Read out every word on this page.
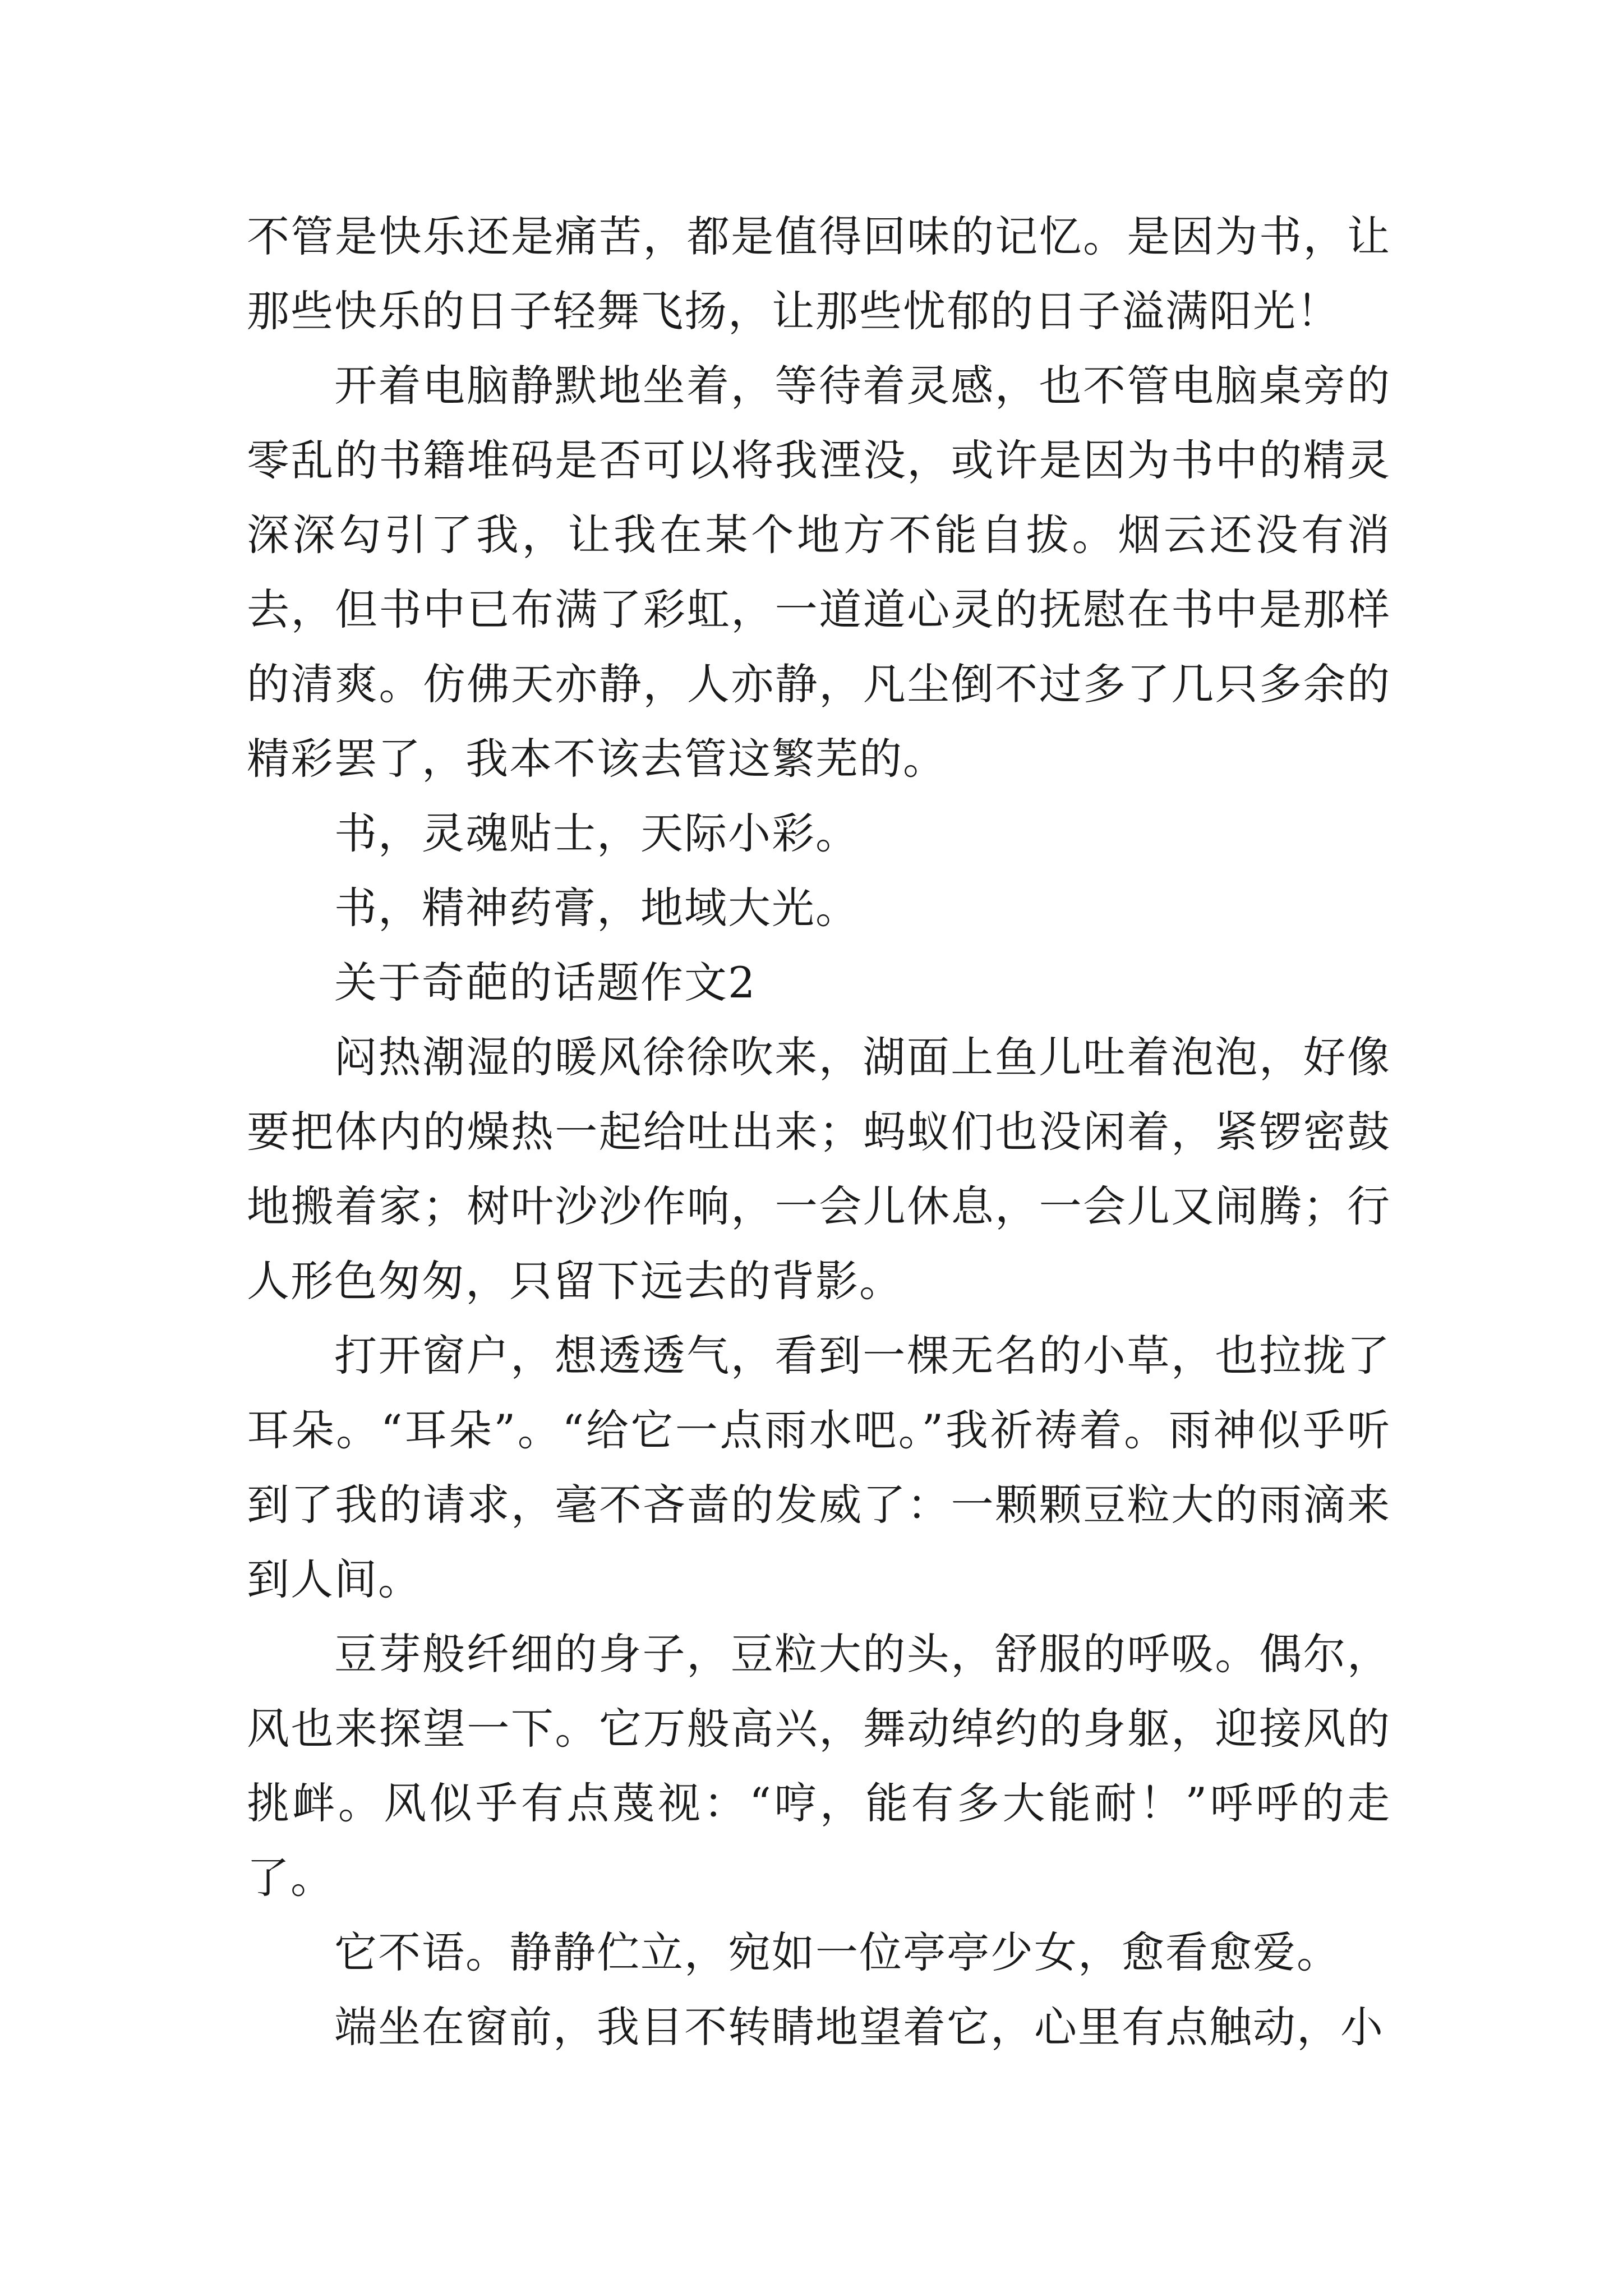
不管是快乐还是痛苦，都是值得回味的记忆。是因为书，让那些快乐的日子轻舞飞扬，让那些忧郁的日子溢满阳光！

开着电脑静默地坐着，等待着灵感，也不管电脑桌旁的零乱的书籍堆码是否可以将我湮没，或许是因为书中的精灵深深勾引了我，让我在某个地方不能自拔。烟云还没有消去，但书中已布满了彩虹，一道道心灵的抚慰在书中是那样的清爽。仿佛天亦静，人亦静，凡尘倒不过多了几只多余的精彩罢了，我本不该去管这繁芜的。

书，灵魂贴士，天际小彩。

书，精神药膏，地域大光。

关于奇葩的话题作文2

闷热潮湿的暖风徐徐吹来，湖面上鱼儿吐着泡泡，好像要把体内的燥热一起给吐出来；蚂蚁们也没闲着，紧锣密鼓地搬着家；树叶沙沙作响，一会儿休息，一会儿又闹腾；行人形色匆匆，只留下远去的背影。

打开窗户，想透透气，看到一棵无名的小草，也拉拢了耳朵。“耳朵”。“给它一点雨水吧。”我祈祷着。雨神似乎听到了我的请求，毫不吝啬的发威了：一颗颗豆粒大的雨滴来到人间。

豆芽般纤细的身子，豆粒大的头，舒服的呼吸。偶尔，风也来探望一下。它万般高兴，舞动绰约的身躯，迎接风的挑衅。风似乎有点蔑视：“哼，能有多大能耐！”呼呼的走了。

它不语。静静伫立，宛如一位亭亭少女，愈看愈爱。

端坐在窗前，我目不转睛地望着它，心里有点触动，小
